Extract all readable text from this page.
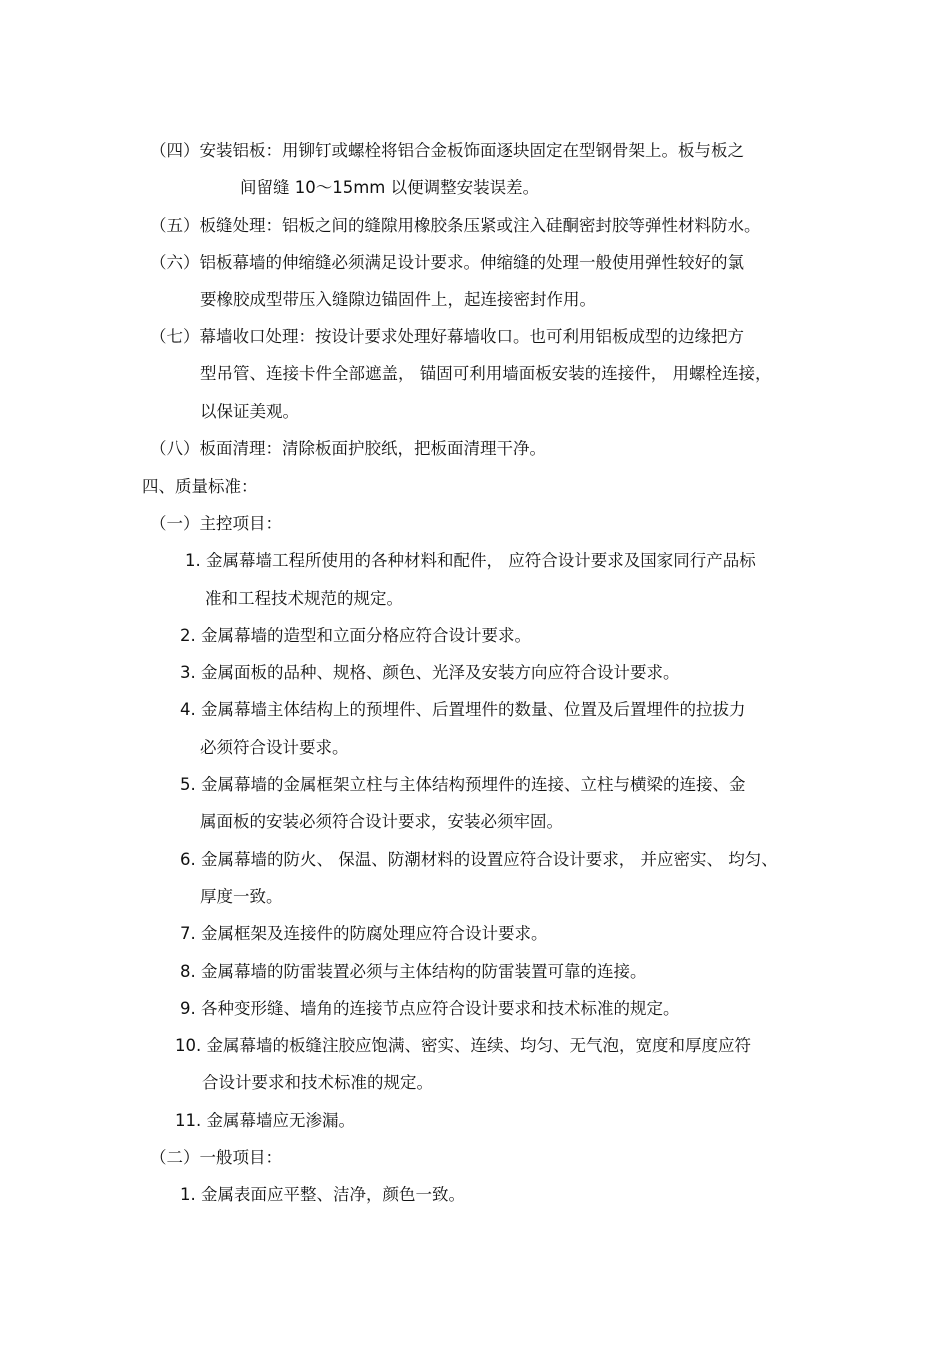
（四）安装铝板：用铆钉或螺栓将铝合金板饰面逐块固定在型钢骨架上。板与板之
间留缝 10～15mm 以便调整安装误差。
（五）板缝处理：铝板之间的缝隙用橡胶条压紧或注入硅酮密封胶等弹性材料防水。
（六）铝板幕墙的伸缩缝必须满足设计要求。伸缩缝的处理一般使用弹性较好的氯
要橡胶成型带压入缝隙边锚固件上，起连接密封作用。
（七）幕墙收口处理：按设计要求处理好幕墙收口。也可利用铝板成型的边缘把方
型吊管、连接卡件全部遮盖， 锚固可利用墙面板安装的连接件， 用螺栓连接，
以保证美观。
（八）板面清理：清除板面护胶纸，把板面清理干净。
四、质量标准：
（一）主控项目：
1. 金属幕墙工程所使用的各种材料和配件， 应符合设计要求及国家同行产品标
准和工程技术规范的规定。
2. 金属幕墙的造型和立面分格应符合设计要求。
3. 金属面板的品种、规格、颜色、光泽及安装方向应符合设计要求。
4. 金属幕墙主体结构上的预埋件、后置埋件的数量、位置及后置埋件的拉拔力
必须符合设计要求。
5. 金属幕墙的金属框架立柱与主体结构预埋件的连接、立柱与横梁的连接、金
属面板的安装必须符合设计要求，安装必须牢固。
6. 金属幕墙的防火、 保温、防潮材料的设置应符合设计要求， 并应密实、 均匀、
厚度一致。
7. 金属框架及连接件的防腐处理应符合设计要求。
8. 金属幕墙的防雷装置必须与主体结构的防雷装置可靠的连接。
9. 各种变形缝、墙角的连接节点应符合设计要求和技术标准的规定。
10. 金属幕墙的板缝注胶应饱满、密实、连续、均匀、无气泡，宽度和厚度应符
合设计要求和技术标准的规定。
11. 金属幕墙应无渗漏。
（二）一般项目：
1. 金属表面应平整、洁净，颜色一致。
